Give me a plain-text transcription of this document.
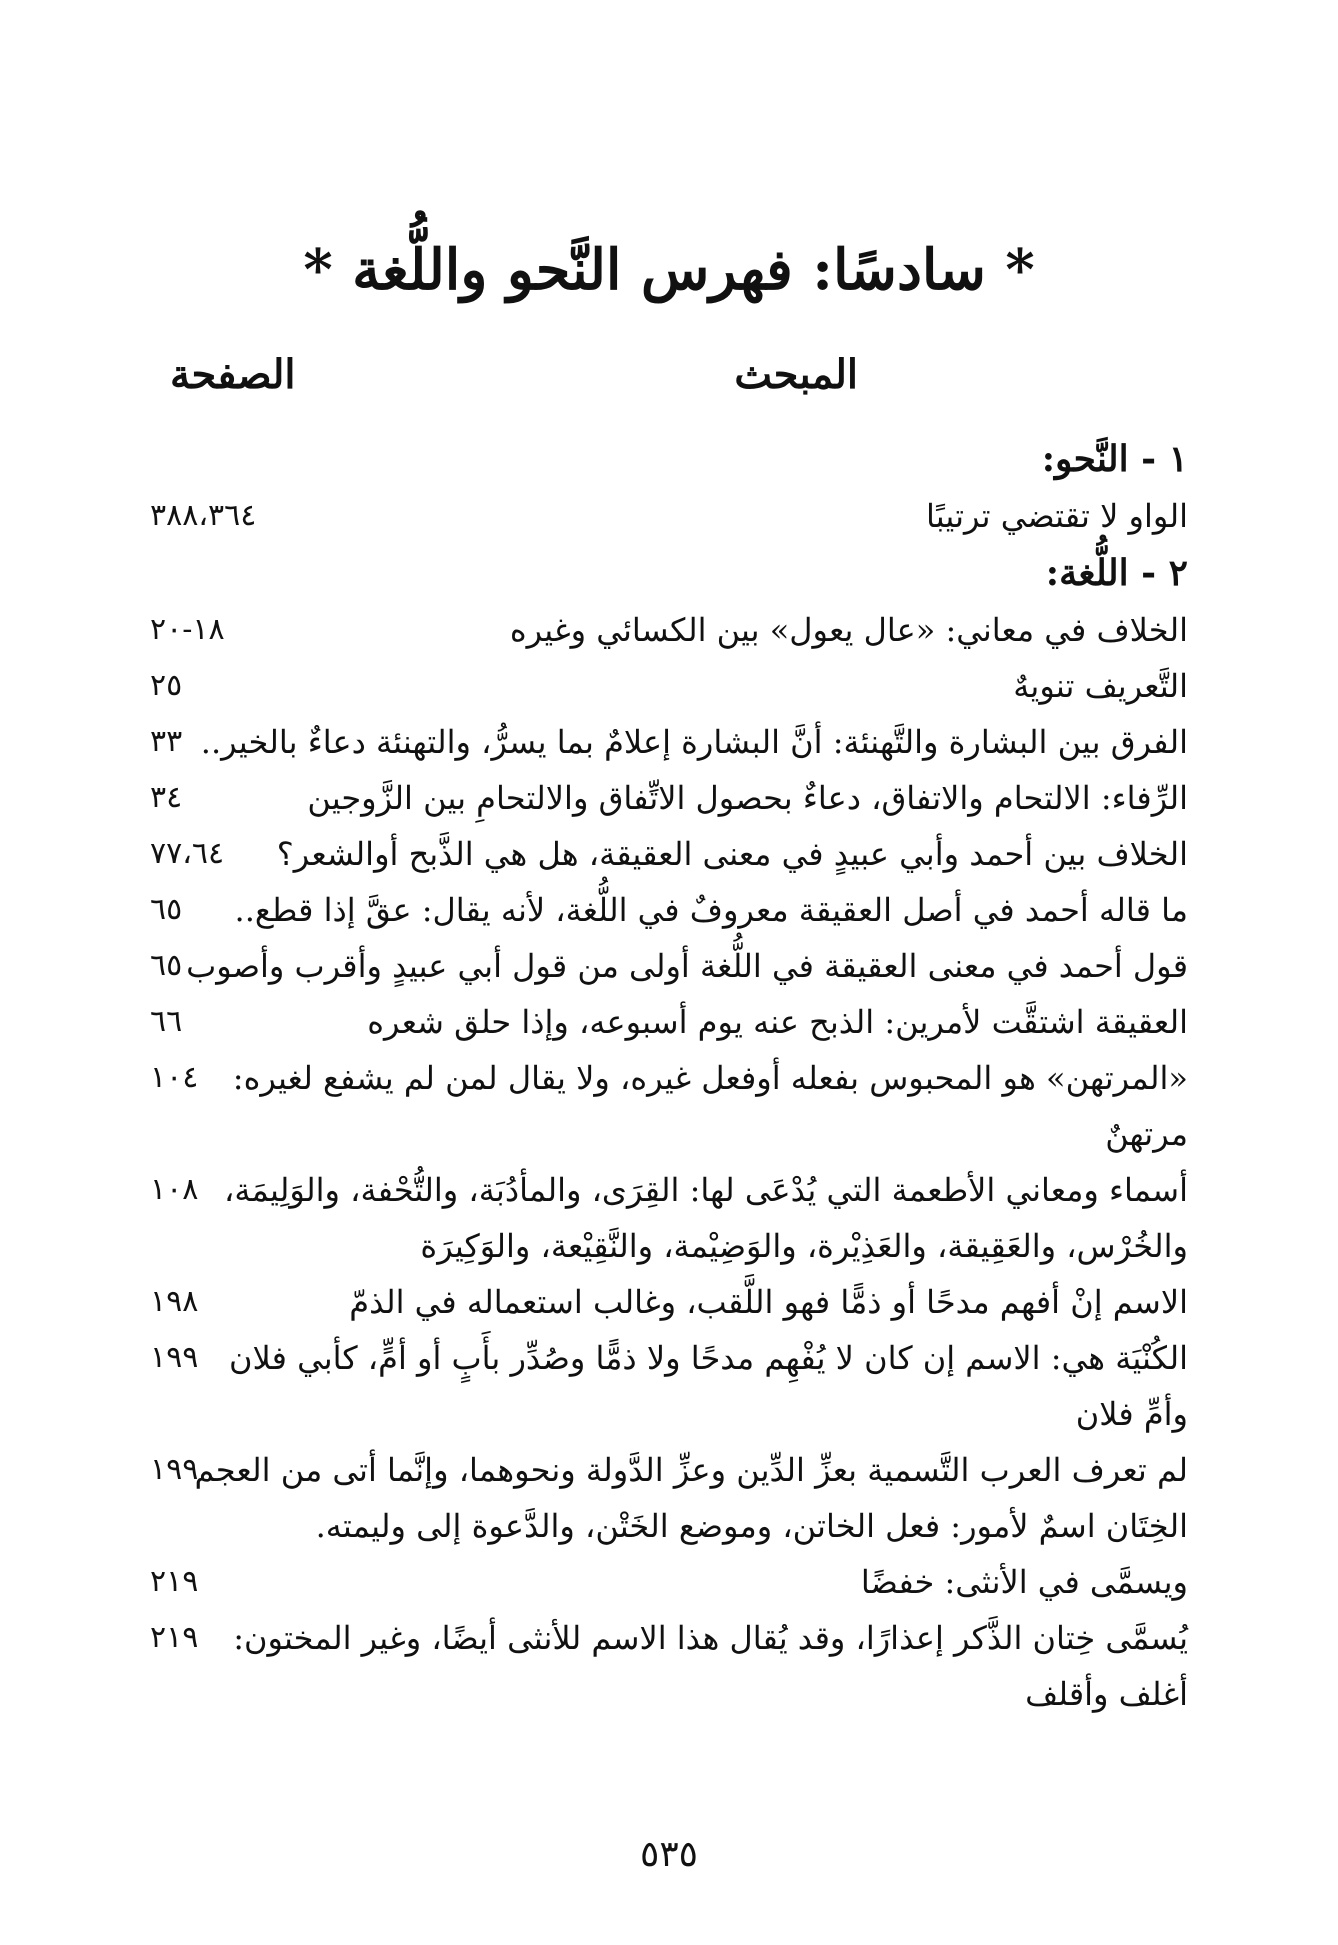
* سادسًا: فهرس النَّحو واللُّغة *
المبحث
الصفحة
١ - النَّحو:
الواو لا تقتضي ترتيبًا
٣٨٨،٣٦٤
٢ - اللُّغة:
الخلاف في معاني: «عال يعول» بين الكسائي وغيره
١٨-٢٠
التَّعريف تنويهٌ
٢٥
الفرق بين البشارة والتَّهنئة: أنَّ البشارة إعلامٌ بما يسرُّ، والتهنئة دعاءٌ بالخير..
٣٣
الرِّفاء: الالتحام والاتفاق، دعاءٌ بحصول الاتِّفاق والالتحامِ بين الزَّوجين
٣٤
الخلاف بين أحمد وأبي عبيدٍ في معنى العقيقة، هل هي الذَّبح أوالشعر؟
٧٧،٦٤
ما قاله أحمد في أصل العقيقة معروفٌ في اللُّغة، لأنه يقال: عقَّ إذا قطع..
٦٥
قول أحمد في معنى العقيقة في اللُّغة أولى من قول أبي عبيدٍ وأقرب وأصوب
٦٥
العقيقة اشتقَّت لأمرين: الذبح عنه يوم أسبوعه، وإذا حلق شعره
٦٦
«المرتهن» هو المحبوس بفعله أوفعل غيره، ولا يقال لمن لم يشفع لغيره:
مرتهنٌ
١٠٤
أسماء ومعاني الأطعمة التي يُدْعَى لها: القِرَى، والمأدُبَة، والتُّحْفة، والوَلِيمَة،
والخُرْس، والعَقِيقة، والعَذِيْرة، والوَضِيْمة، والنَّقِيْعة، والوَكِيرَة
١٠٨
الاسم إنْ أفهم مدحًا أو ذمًّا فهو اللَّقب، وغالب استعماله في الذمّ
١٩٨
الكُنْيَة هي: الاسم إن كان لا يُفْهِم مدحًا ولا ذمًّا وصُدِّر بأَبٍ أو أمٍّ، كأبي فلان
وأمِّ فلان
١٩٩
لم تعرف العرب التَّسمية بعزِّ الدِّين وعزِّ الدَّولة ونحوهما، وإنَّما أتى من العجم
١٩٩
الخِتَان اسمٌ لأمور: فعل الخاتن، وموضع الخَتْن، والدَّعوة إلى وليمته.
ويسمَّى في الأنثى: خفضًا
٢١٩
يُسمَّى خِتان الذَّكر إعذارًا، وقد يُقال هذا الاسم للأنثى أيضًا، وغير المختون:
أغلف وأقلف
٢١٩
٥٣٥
